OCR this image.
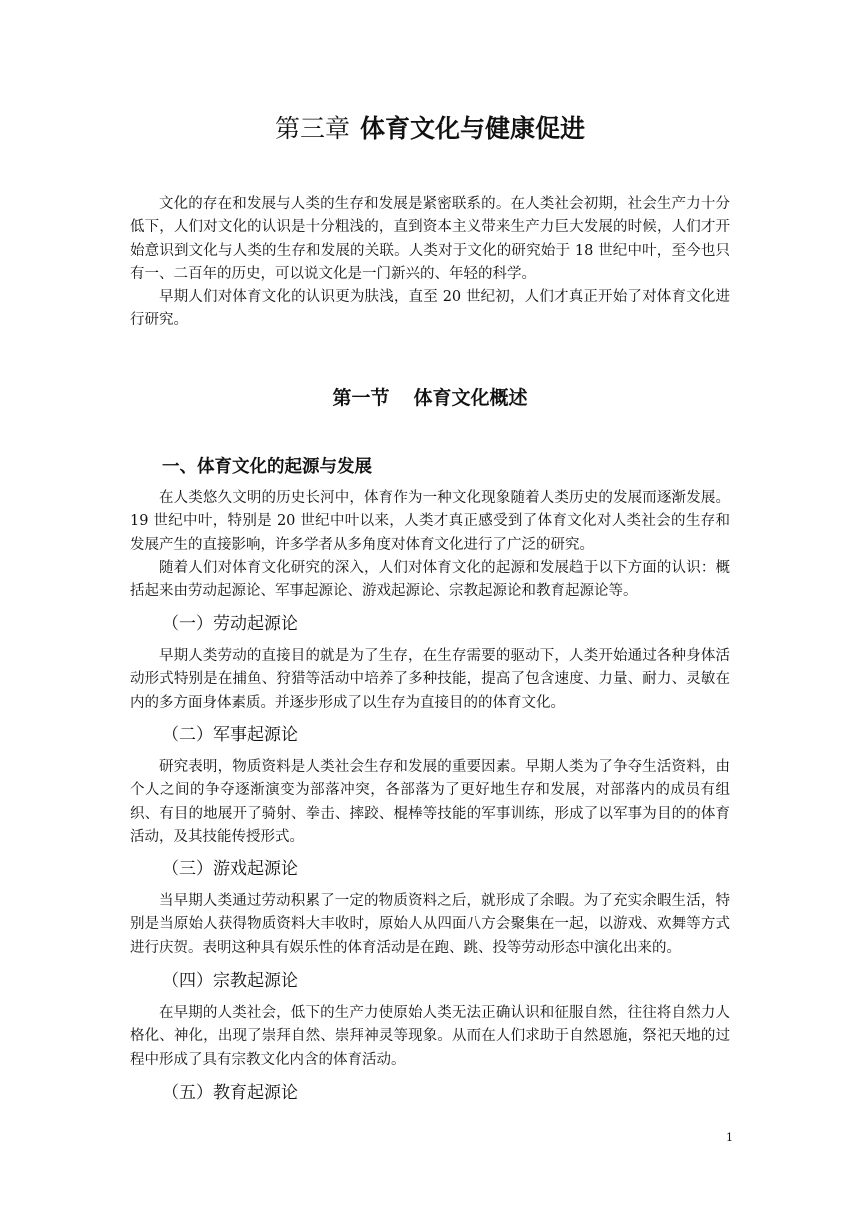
第三章 体育文化与健康促进

文化的存在和发展与人类的生存和发展是紧密联系的。在人类社会初期，社会生产力十分低下，人们对文化的认识是十分粗浅的，直到资本主义带来生产力巨大发展的时候，人们才开始意识到文化与人类的生存和发展的关联。人类对于文化的研究始于 18 世纪中叶，至今也只有一、二百年的历史，可以说文化是一门新兴的、年轻的科学。

早期人们对体育文化的认识更为肤浅，直至 20 世纪初，人们才真正开始了对体育文化进行研究。

第一节 体育文化概述
一、体育文化的起源与发展

在人类悠久文明的历史长河中，体育作为一种文化现象随着人类历史的发展而逐渐发展。19 世纪中叶，特别是 20 世纪中叶以来，人类才真正感受到了体育文化对人类社会的生存和发展产生的直接影响，许多学者从多角度对体育文化进行了广泛的研究。

随着人们对体育文化研究的深入，人们对体育文化的起源和发展趋于以下方面的认识：概括起来由劳动起源论、军事起源论、游戏起源论、宗教起源论和教育起源论等。

（一）劳动起源论

早期人类劳动的直接目的就是为了生存，在生存需要的驱动下，人类开始通过各种身体活动形式特别是在捕鱼、狩猎等活动中培养了多种技能，提高了包含速度、力量、耐力、灵敏在内的多方面身体素质。并逐步形成了以生存为直接目的的体育文化。

（二）军事起源论

研究表明，物质资料是人类社会生存和发展的重要因素。早期人类为了争夺生活资料，由个人之间的争夺逐渐演变为部落冲突，各部落为了更好地生存和发展，对部落内的成员有组织、有目的地展开了骑射、拳击、摔跤、棍棒等技能的军事训练，形成了以军事为目的的体育活动，及其技能传授形式。

（三）游戏起源论

当早期人类通过劳动积累了一定的物质资料之后，就形成了余暇。为了充实余暇生活，特别是当原始人获得物质资料大丰收时，原始人从四面八方会聚集在一起，以游戏、欢舞等方式进行庆贺。表明这种具有娱乐性的体育活动是在跑、跳、投等劳动形态中演化出来的。

（四）宗教起源论

在早期的人类社会，低下的生产力使原始人类无法正确认识和征服自然，往往将自然力人格化、神化，出现了崇拜自然、崇拜神灵等现象。从而在人们求助于自然恩施，祭祀天地的过程中形成了具有宗教文化内含的体育活动。

（五）教育起源论
1
